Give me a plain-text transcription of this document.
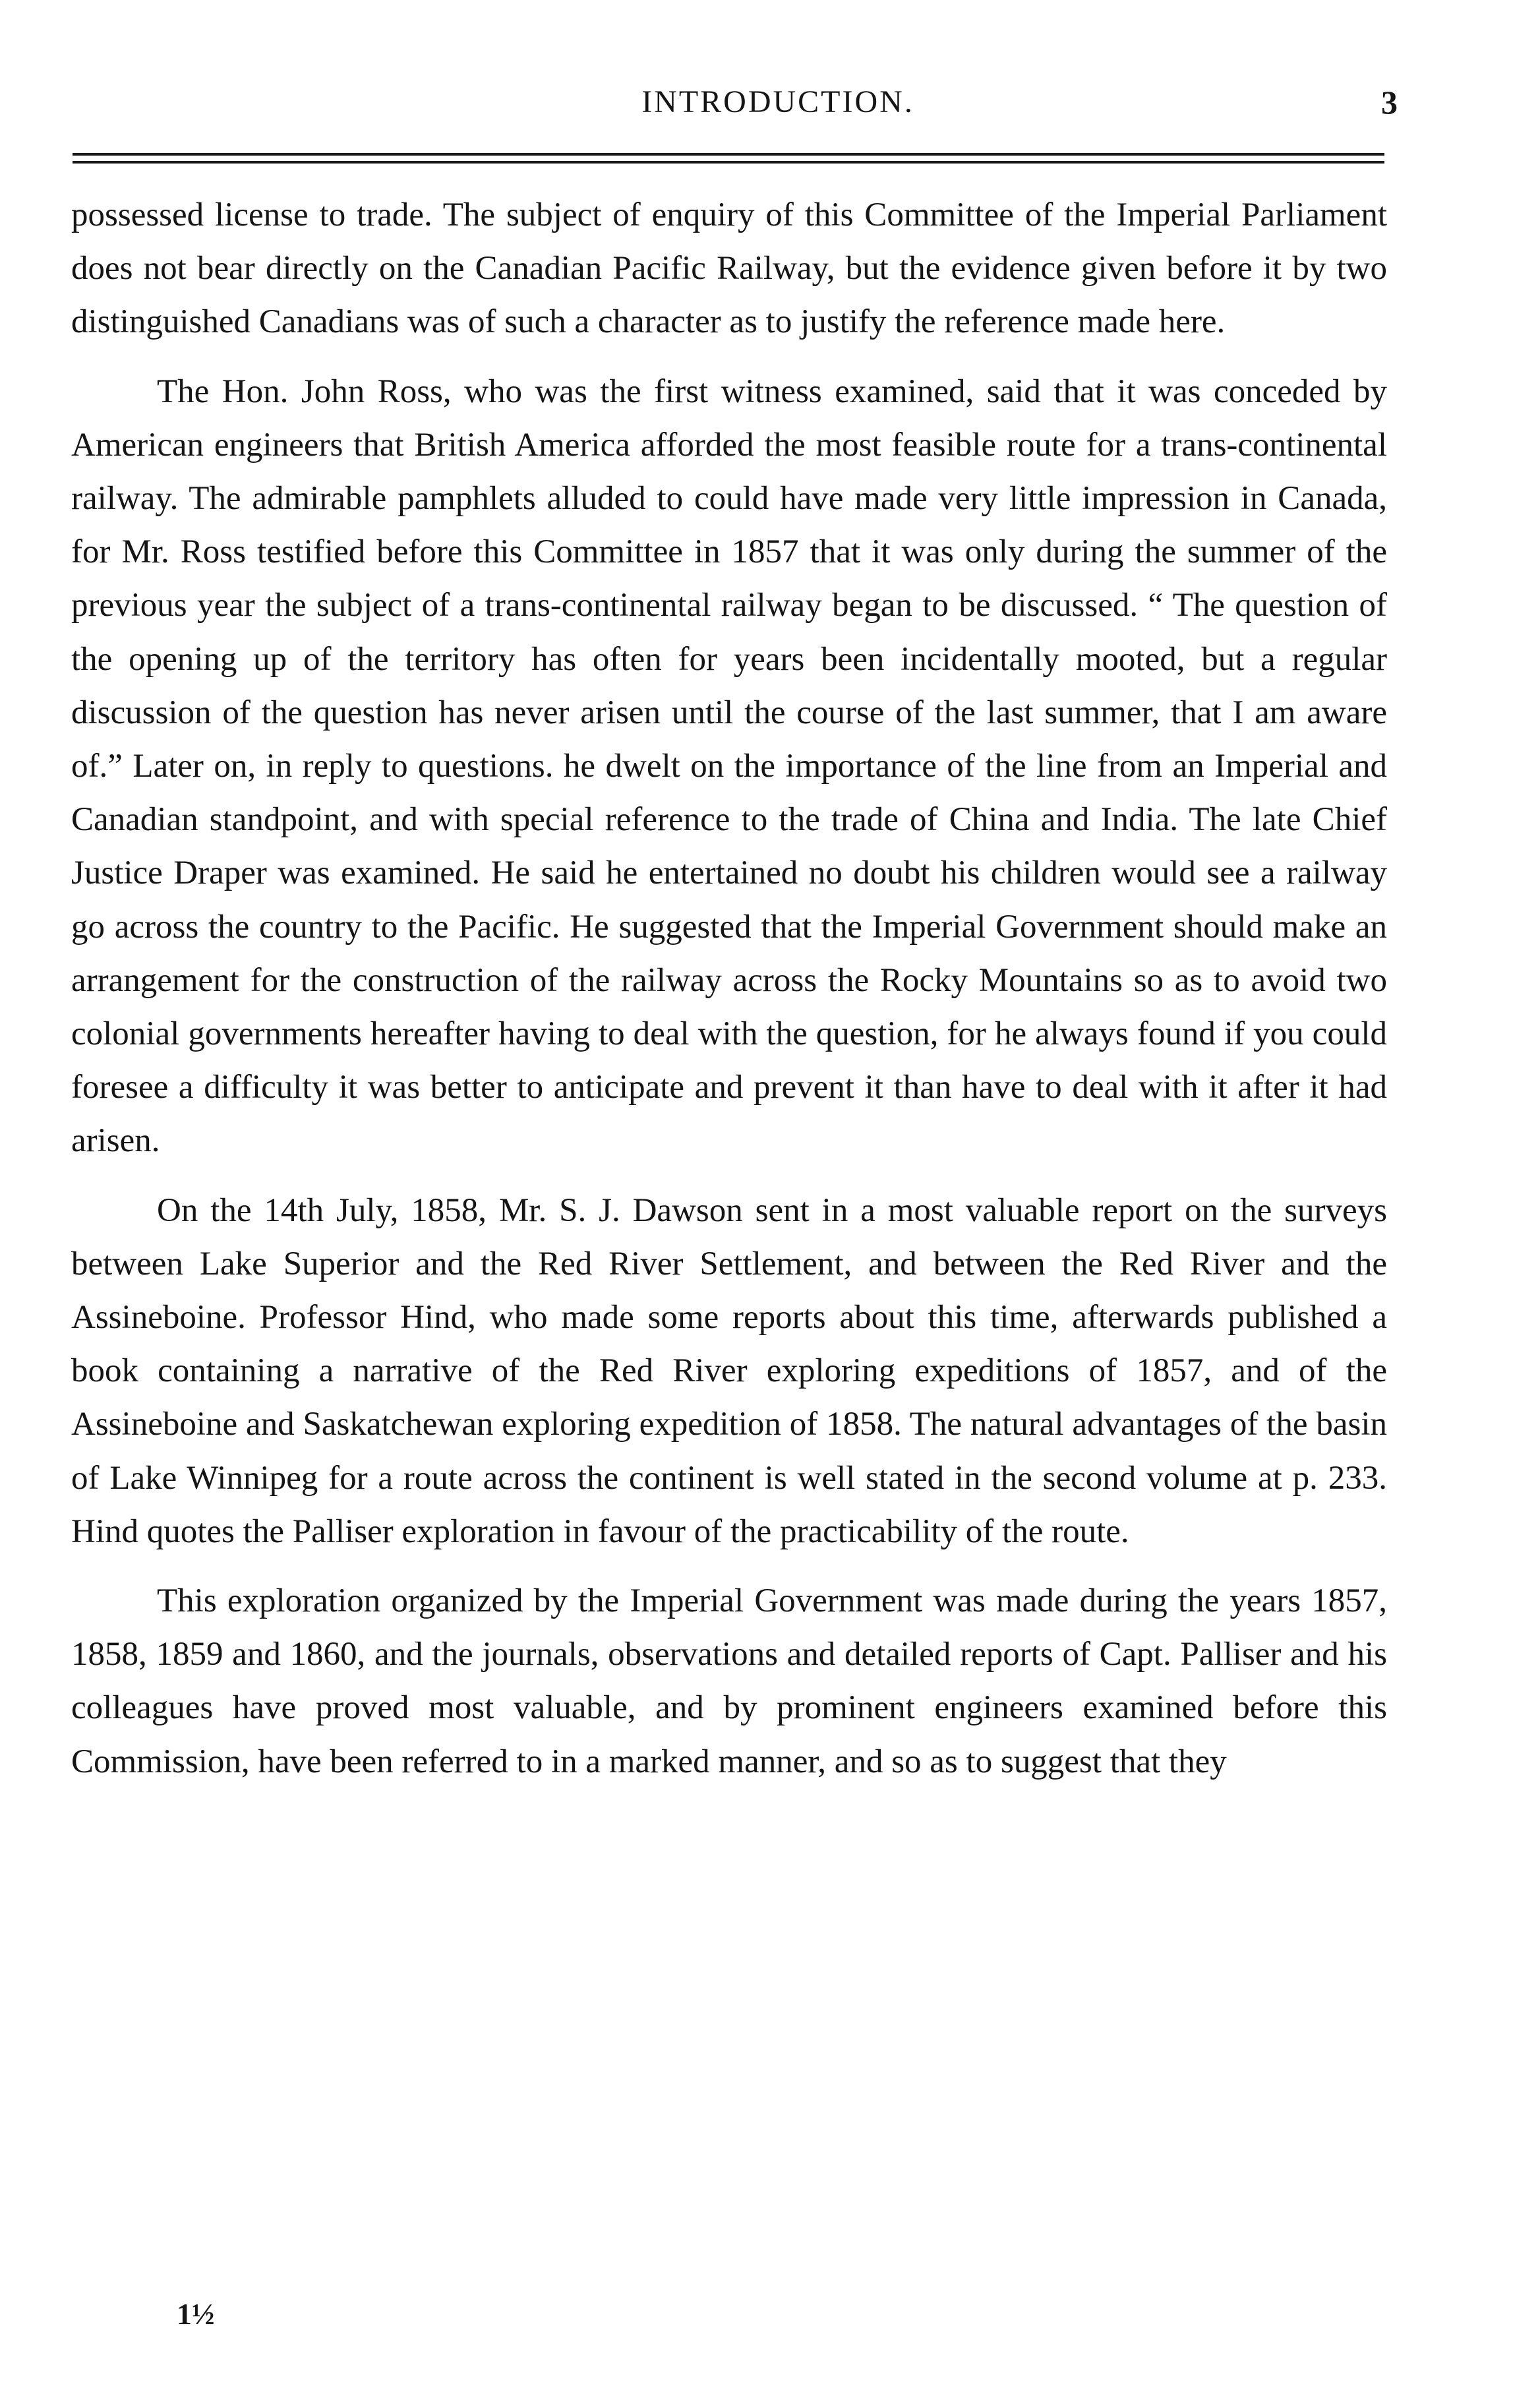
INTRODUCTION.	3

possessed license to trade. The subject of enquiry of this Committee of the Imperial Parliament does not bear directly on the Canadian Pacific Railway, but the evidence given before it by two distinguished Canadians was of such a character as to justify the reference made here.

The Hon. John Ross, who was the first witness examined, said that it was conceded by American engineers that British America afforded the most feasible route for a trans-continental railway. The admirable pamphlets alluded to could have made very little impression in Canada, for Mr. Ross testified before this Committee in 1857 that it was only during the summer of the previous year the subject of a trans-continental railway began to be discussed. “ The question of the opening up of the territory has often for years been incidentally mooted, but a regular discussion of the question has never arisen until the course of the last summer, that I am aware of.” Later on, in reply to questions. he dwelt on the importance of the line from an Imperial and Canadian standpoint, and with special reference to the trade of China and India. The late Chief Justice Draper was examined. He said he entertained no doubt his children would see a railway go across the country to the Pacific. He suggested that the Imperial Government should make an arrangement for the construction of the railway across the Rocky Mountains so as to avoid two colonial governments hereafter having to deal with the question, for he always found if you could foresee a difficulty it was better to anticipate and prevent it than have to deal with it after it had arisen.

On the 14th July, 1858, Mr. S. J. Dawson sent in a most valuable report on the surveys between Lake Superior and the Red River Settlement, and between the Red River and the Assineboine. Professor Hind, who made some reports about this time, afterwards published a book containing a narrative of the Red River exploring expeditions of 1857, and of the Assineboine and Saskatchewan exploring expedition of 1858. The natural advantages of the basin of Lake Winnipeg for a route across the continent is well stated in the second volume at p. 233. Hind quotes the Palliser exploration in favour of the practicability of the route.

This exploration organized by the Imperial Government was made during the years 1857, 1858, 1859 and 1860, and the journals, observations and detailed reports of Capt. Palliser and his colleagues have proved most valuable, and by prominent engineers examined before this Commission, have been referred to in a marked manner, and so as to suggest that they

1½
